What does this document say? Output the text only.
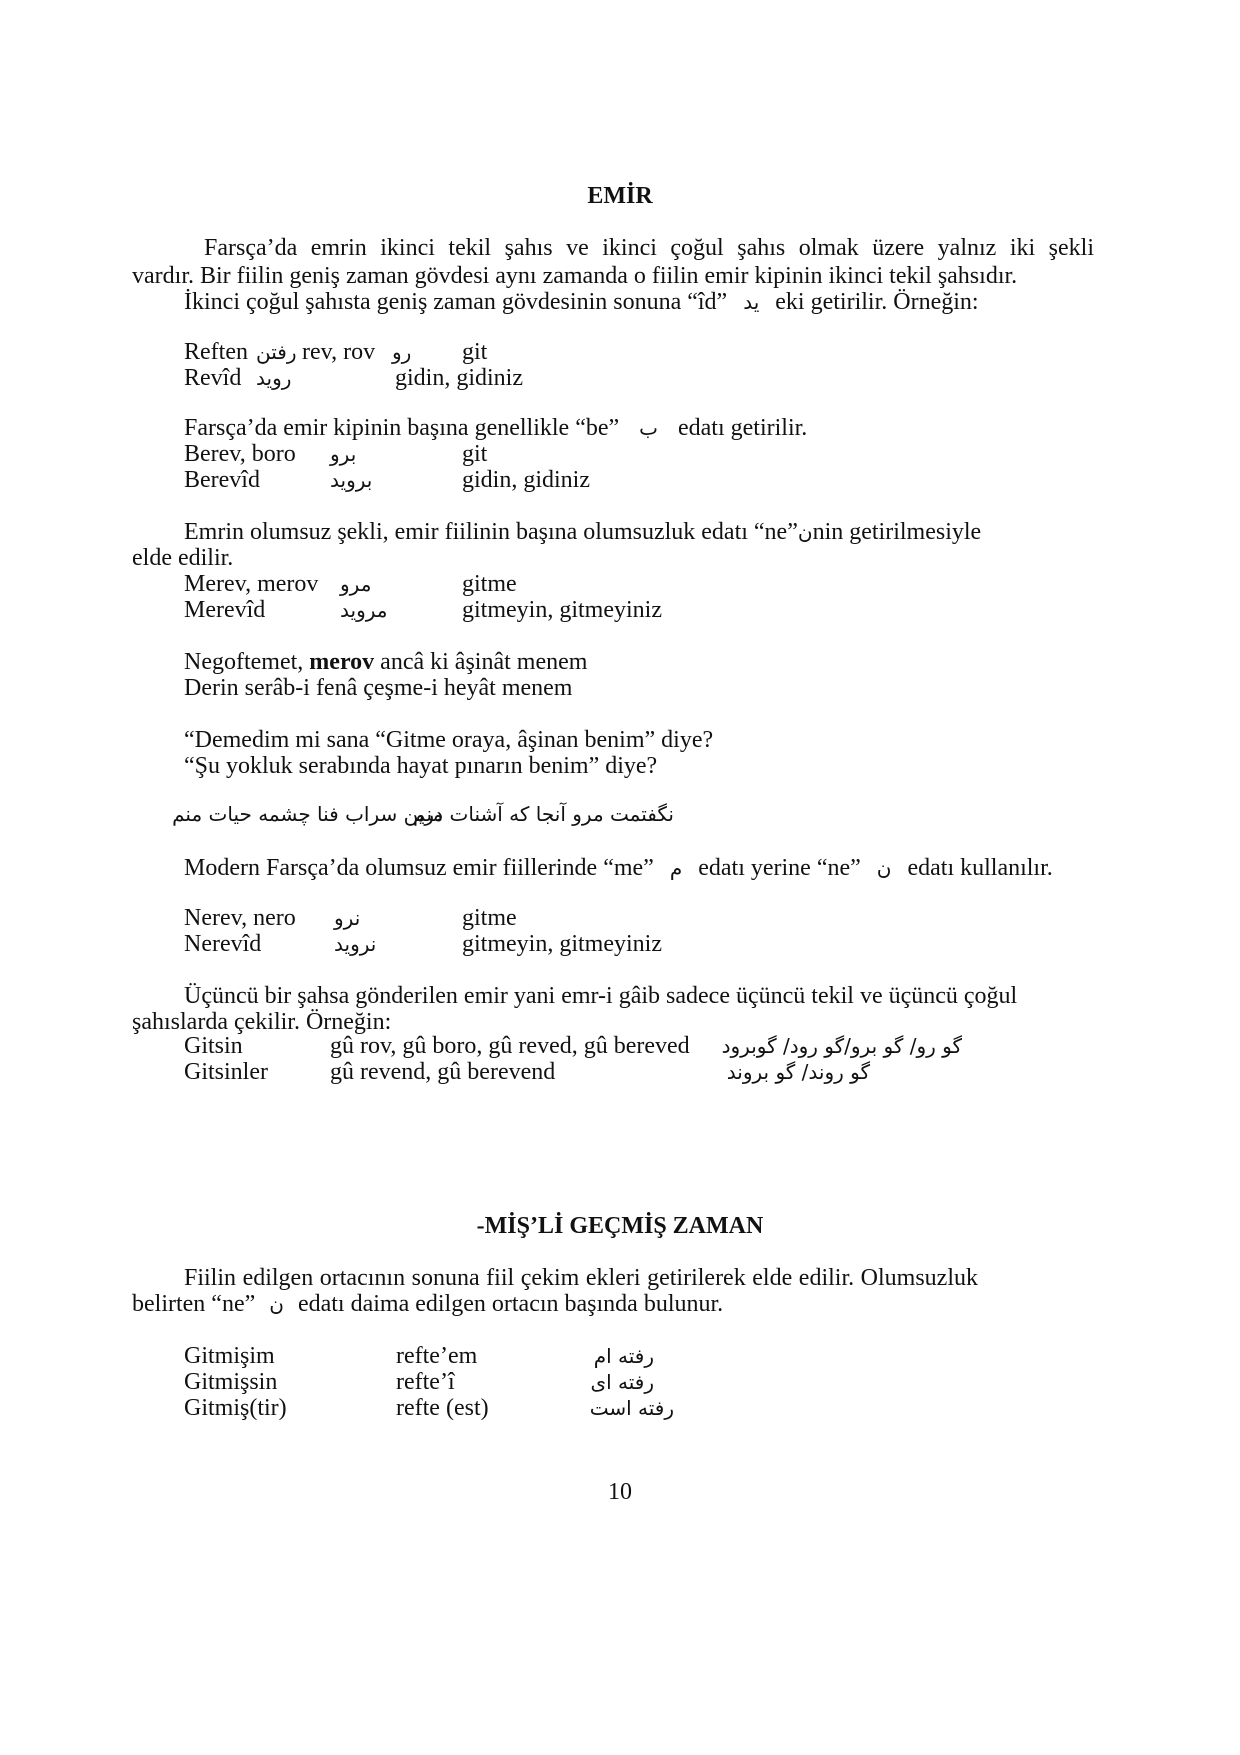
EMİR
Farsça’da emrin ikinci tekil şahıs ve ikinci çoğul şahıs olmak üzere yalnız iki şekli
vardır. Bir fiilin geniş zaman gövdesi aynı zamanda o fiilin emir kipinin ikinci tekil şahsıdır.
İkinci çoğul şahısta geniş zaman gövdesinin sonuna “îd” ید eki getirilir. Örneğin:
Reften رفتن rev, rov رو git
Revîd روید	gidin, gidiniz
Farsça’da emir kipinin başına genellikle “be” ب edatı getirilir.
Berev, boro برو	git
Berevîd	بروید	gidin, gidiniz
Emrin olumsuz şekli, emir fiilinin başına olumsuzluk edatı “ne” ن nin getirilmesiyle
elde edilir.
Merev, merov مرو	gitme
Merevîd	مروید	gitmeyin, gitmeyiniz
Negoftemet, merov ancâ ki âşinât menem
Derin serâb-i fenâ çeşme-i heyât menem
“Demedim mi sana “Gitme oraya, âşinan benim” diye?
“Şu yokluk serabında hayat pınarın benim” diye?
نگفتمت مرو آنجا که آشنات منم
درین سراب فنا چشمه حیات منم
Modern Farsça’da olumsuz emir fiillerinde “me” م edatı yerine “ne” ن edatı kullanılır.
Nerev, nero نرو	gitme
Nerevîd	نروید	gitmeyin, gitmeyiniz
Üçüncü bir şahsa gönderilen emir yani emr-i gâib sadece üçüncü tekil ve üçüncü çoğul
şahıslarda çekilir. Örneğin:
Gitsin	gû rov, gû boro, gû reved, gû bereved گو رو/ گو برو/گو رود/ گوبرود
Gitsinler	gû revend, gû berevend	گو روند/ گو بروند
-MİŞ’Lİ GEÇMİŞ ZAMAN
Fiilin edilgen ortacının sonuna fiil çekim ekleri getirilerek elde edilir. Olumsuzluk
belirten “ne” ن edatı daima edilgen ortacın başında bulunur.
Gitmişim	refte’em	رفته ام
Gitmişsin	refte’î	رفته ای
Gitmiş(tir)	refte (est)	رفته است
10
